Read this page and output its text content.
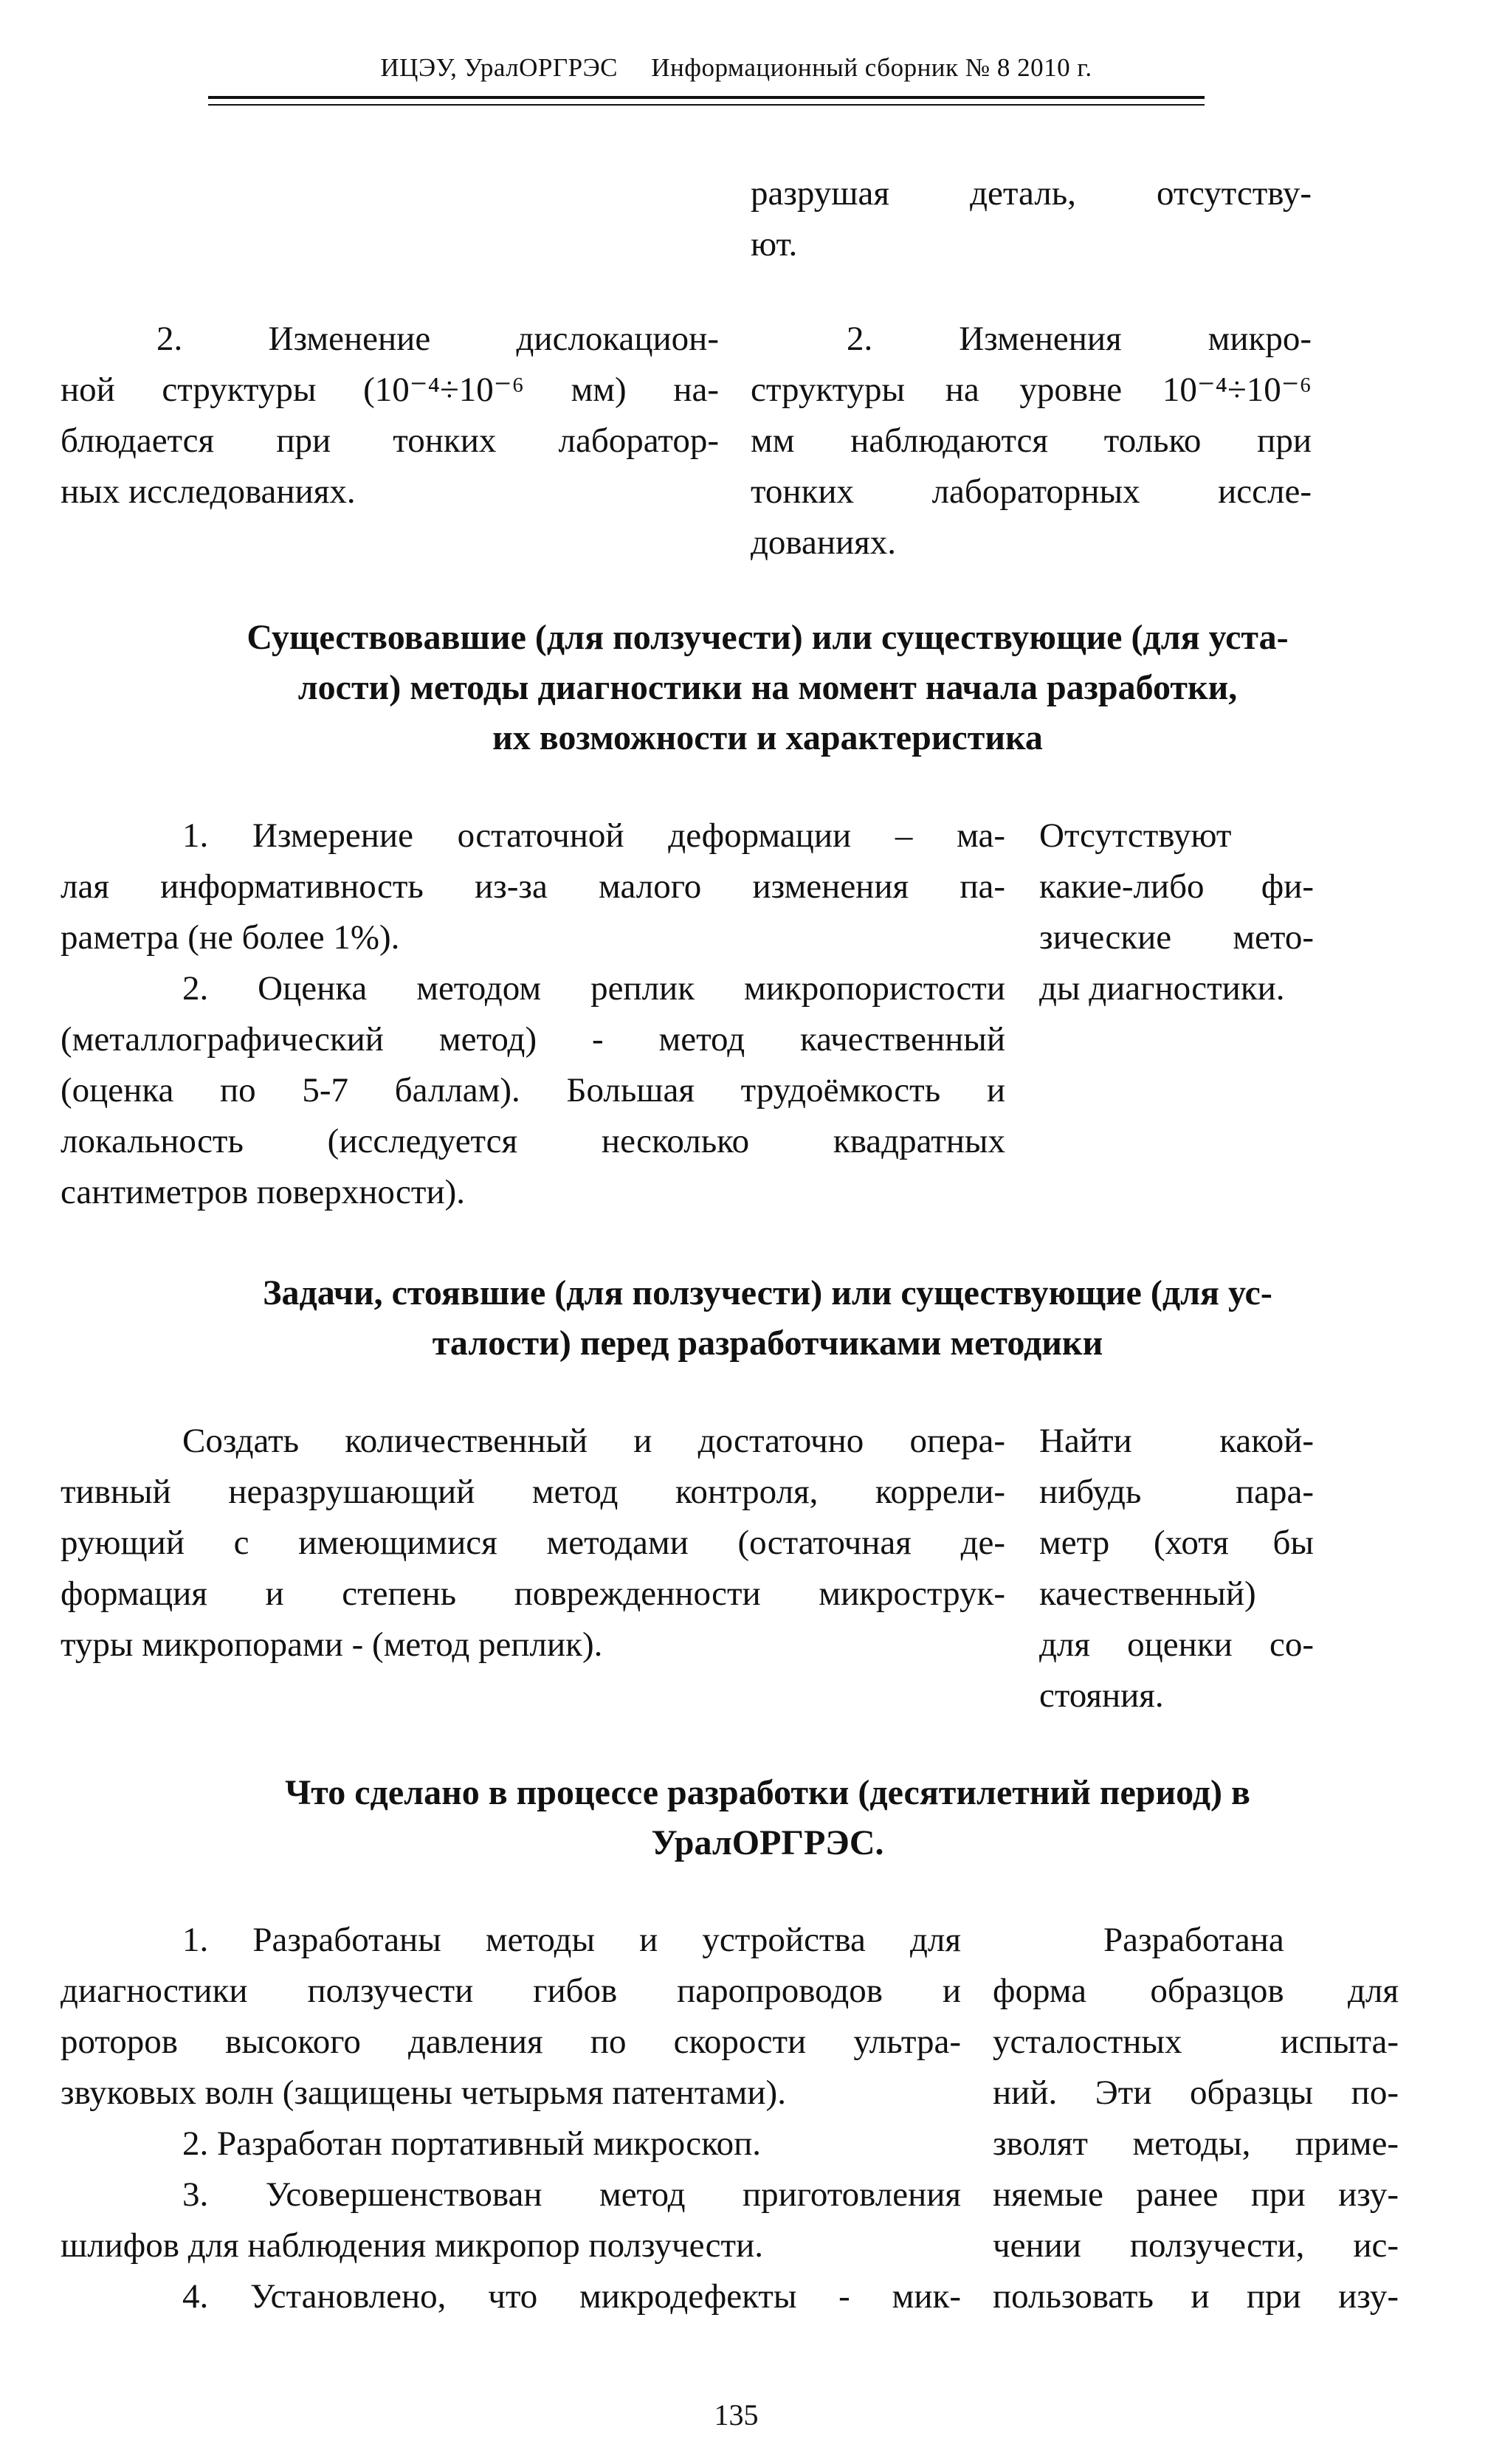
ИЦЭУ, УралОРГРЭС Информационный сборник № 8 2010 г.

разрушая деталь, отсутству-

ют.

2. Изменение дислокацион-

ной структуры (10⁻⁴÷10⁻⁶ мм) на-

блюдается при тонких лаборатор-

ных исследованиях.

2. Изменения микро-

структуры на уровне 10⁻⁴÷10⁻⁶

мм наблюдаются только при

тонких лабораторных иссле-

дованиях.

Существовавшие (для ползучести) или существующие (для уста-
лости) методы диагностики на момент начала разработки,
их возможности и характеристика

1. Измерение остаточной деформации – ма-

лая информативность из-за малого изменения па-

раметра (не более 1%).

2. Оценка методом реплик микропористости

(металлографический метод) - метод качественный

(оценка по 5-7 баллам). Большая трудоёмкость и

локальность (исследуется несколько квадратных

сантиметров поверхности).

Отсутствуют

какие-либо фи-

зические мето-

ды диагностики.

Задачи, стоявшие (для ползучести) или существующие (для ус-
талости) перед разработчиками методики

Создать количественный и достаточно опера-

тивный неразрушающий метод контроля, коррели-

рующий с имеющимися методами (остаточная де-

формация и степень поврежденности микрострук-

туры микропорами - (метод реплик).

Найти какой-

нибудь пара-

метр (хотя бы

качественный)

для оценки со-

стояния.

Что сделано в процессе разработки (десятилетний период) в
УралОРГРЭС.

1. Разработаны методы и устройства для

диагностики ползучести гибов паропроводов и

роторов высокого давления по скорости ультра-

звуковых волн (защищены четырьмя патентами).

2. Разработан портативный микроскоп.

3. Усовершенствован метод приготовления

шлифов для наблюдения микропор ползучести.

4. Установлено, что микродефекты - мик-

Разработана

форма образцов для

усталостных испыта-

ний. Эти образцы по-

зволят методы, приме-

няемые ранее при изу-

чении ползучести, ис-

пользовать и при изу-

135
